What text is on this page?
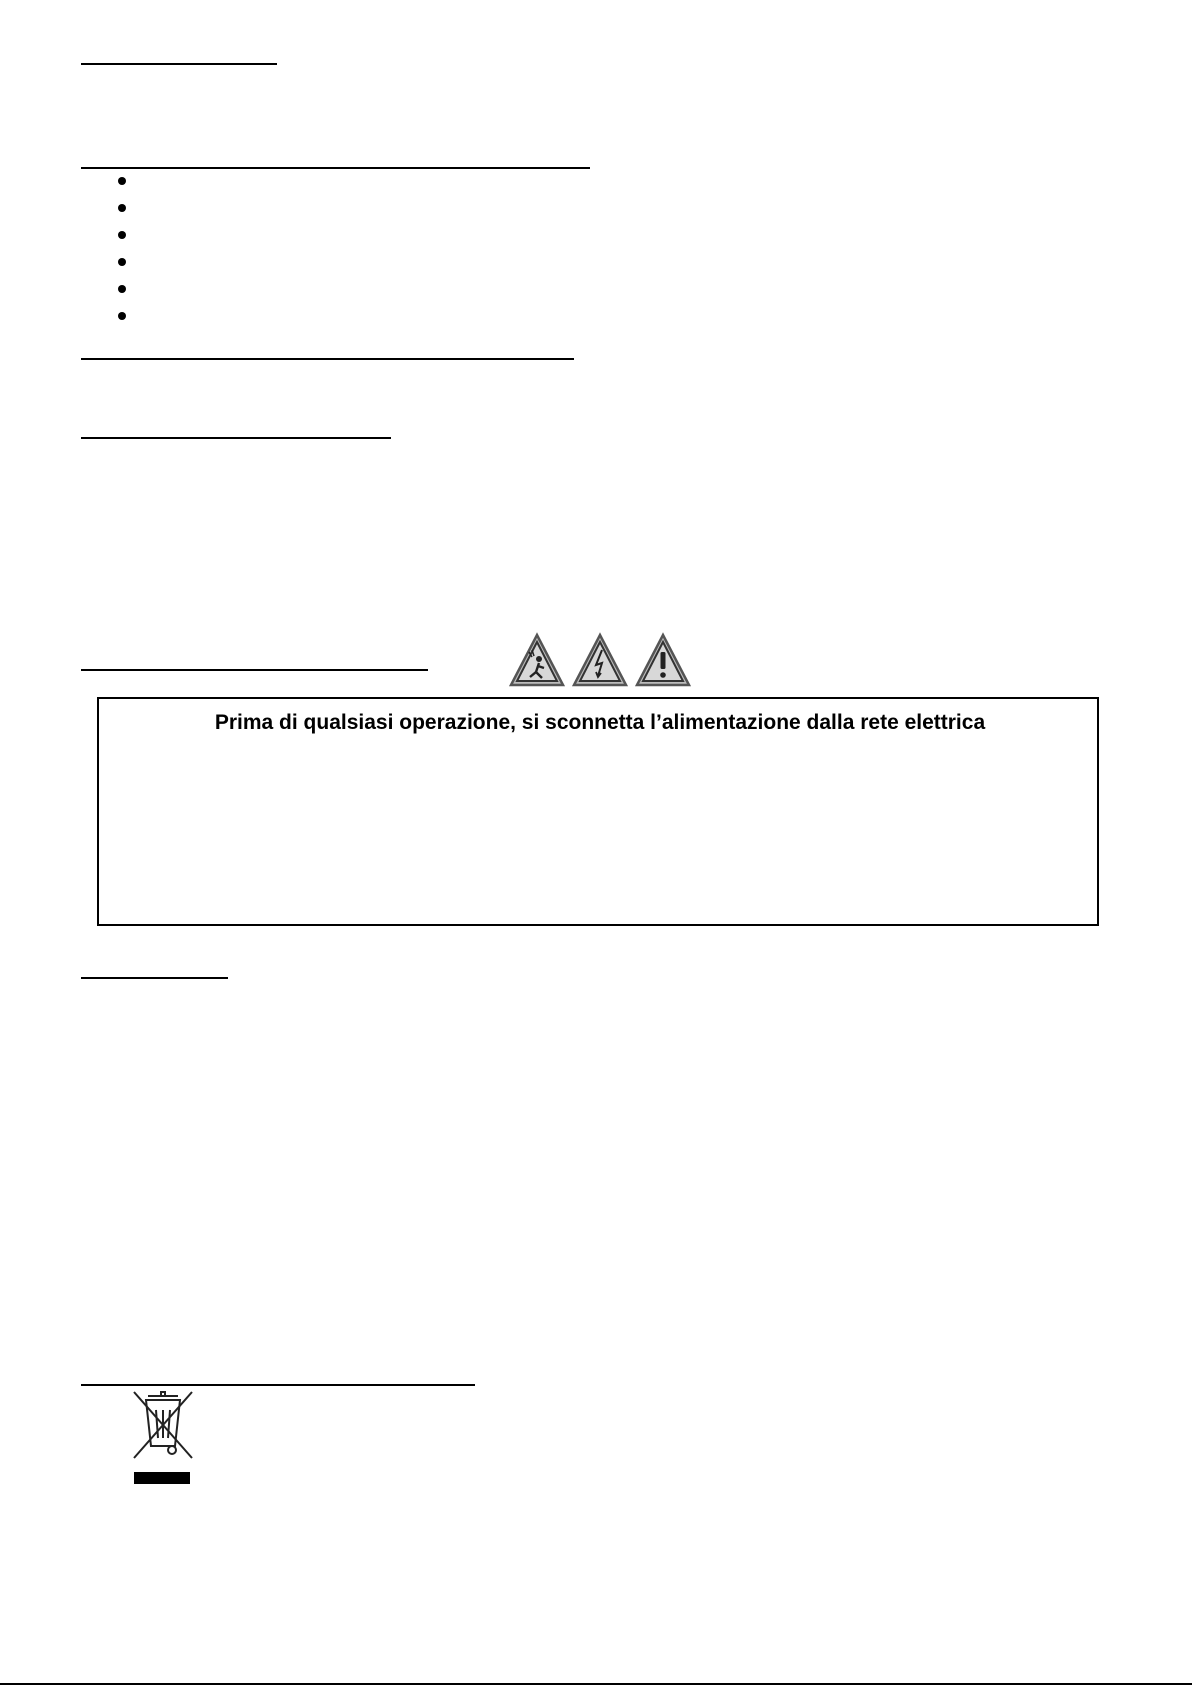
Prima di qualsiasi operazione, si sconnetta l’alimentazione dalla rete elettrica
